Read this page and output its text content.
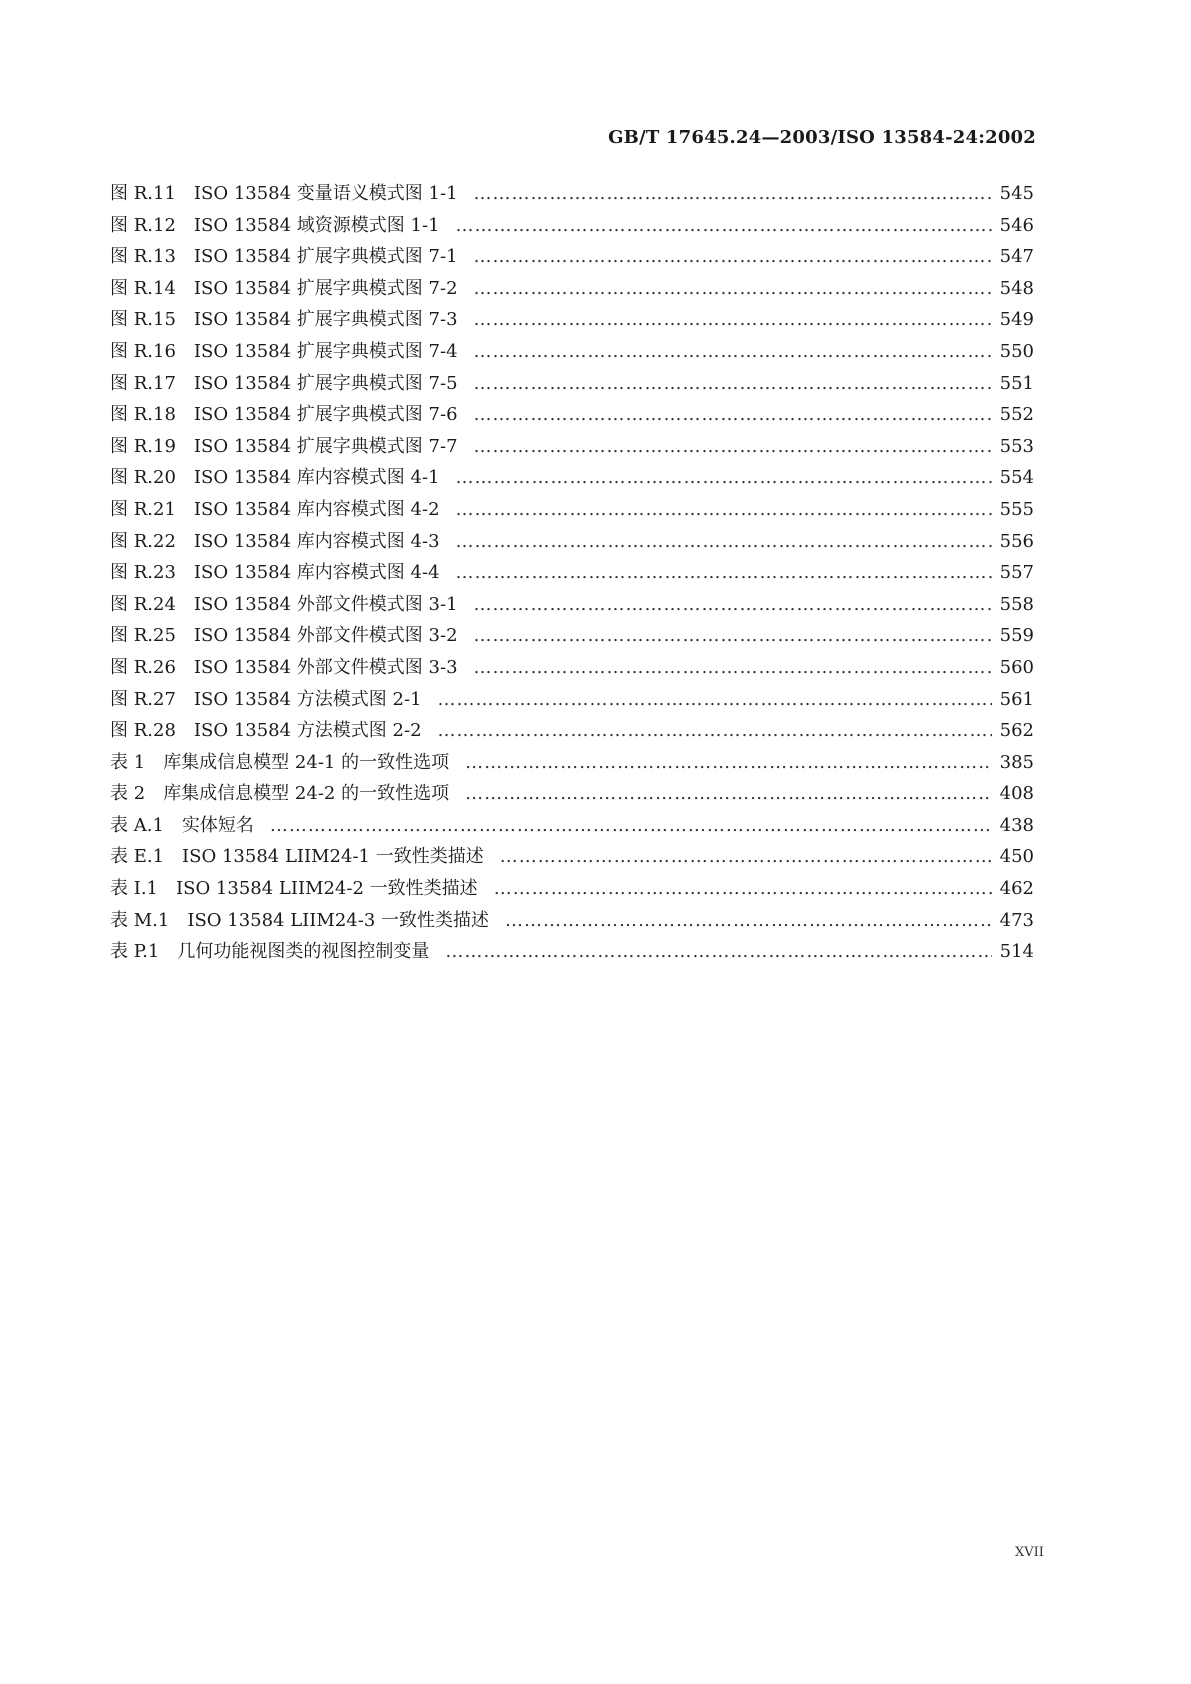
GB/T 17645.24—2003/ISO 13584-24:2002
图 R.11 ISO 13584 变量语义模式图 1-1 ……………………………………………………………………………………………………………………………………………………………………	545
图 R.12 ISO 13584 域资源模式图 1-1 ……………………………………………………………………………………………………………………………………………………………………	546
图 R.13 ISO 13584 扩展字典模式图 7-1 ……………………………………………………………………………………………………………………………………………………………………	547
图 R.14 ISO 13584 扩展字典模式图 7-2 ……………………………………………………………………………………………………………………………………………………………………	548
图 R.15 ISO 13584 扩展字典模式图 7-3 ……………………………………………………………………………………………………………………………………………………………………	549
图 R.16 ISO 13584 扩展字典模式图 7-4 ……………………………………………………………………………………………………………………………………………………………………	550
图 R.17 ISO 13584 扩展字典模式图 7-5 ……………………………………………………………………………………………………………………………………………………………………	551
图 R.18 ISO 13584 扩展字典模式图 7-6 ……………………………………………………………………………………………………………………………………………………………………	552
图 R.19 ISO 13584 扩展字典模式图 7-7 ……………………………………………………………………………………………………………………………………………………………………	553
图 R.20 ISO 13584 库内容模式图 4-1 ……………………………………………………………………………………………………………………………………………………………………	554
图 R.21 ISO 13584 库内容模式图 4-2 ……………………………………………………………………………………………………………………………………………………………………	555
图 R.22 ISO 13584 库内容模式图 4-3 ……………………………………………………………………………………………………………………………………………………………………	556
图 R.23 ISO 13584 库内容模式图 4-4 ……………………………………………………………………………………………………………………………………………………………………	557
图 R.24 ISO 13584 外部文件模式图 3-1 ……………………………………………………………………………………………………………………………………………………………………	558
图 R.25 ISO 13584 外部文件模式图 3-2 ……………………………………………………………………………………………………………………………………………………………………	559
图 R.26 ISO 13584 外部文件模式图 3-3 ……………………………………………………………………………………………………………………………………………………………………	560
图 R.27 ISO 13584 方法模式图 2-1 ……………………………………………………………………………………………………………………………………………………………………	561
图 R.28 ISO 13584 方法模式图 2-2 ……………………………………………………………………………………………………………………………………………………………………	562
表 1 库集成信息模型 24-1 的一致性选项 ……………………………………………………………………………………………………………………………………………………………………	385
表 2 库集成信息模型 24-2 的一致性选项 ……………………………………………………………………………………………………………………………………………………………………	408
表 A.1 实体短名 ……………………………………………………………………………………………………………………………………………………………………	438
表 E.1 ISO 13584 LIIM24-1 一致性类描述 ……………………………………………………………………………………………………………………………………………………………………	450
表 I.1 ISO 13584 LIIM24-2 一致性类描述 ……………………………………………………………………………………………………………………………………………………………………	462
表 M.1 ISO 13584 LIIM24-3 一致性类描述 ……………………………………………………………………………………………………………………………………………………………………	473
表 P.1 几何功能视图类的视图控制变量 ……………………………………………………………………………………………………………………………………………………………………	514
XVII
